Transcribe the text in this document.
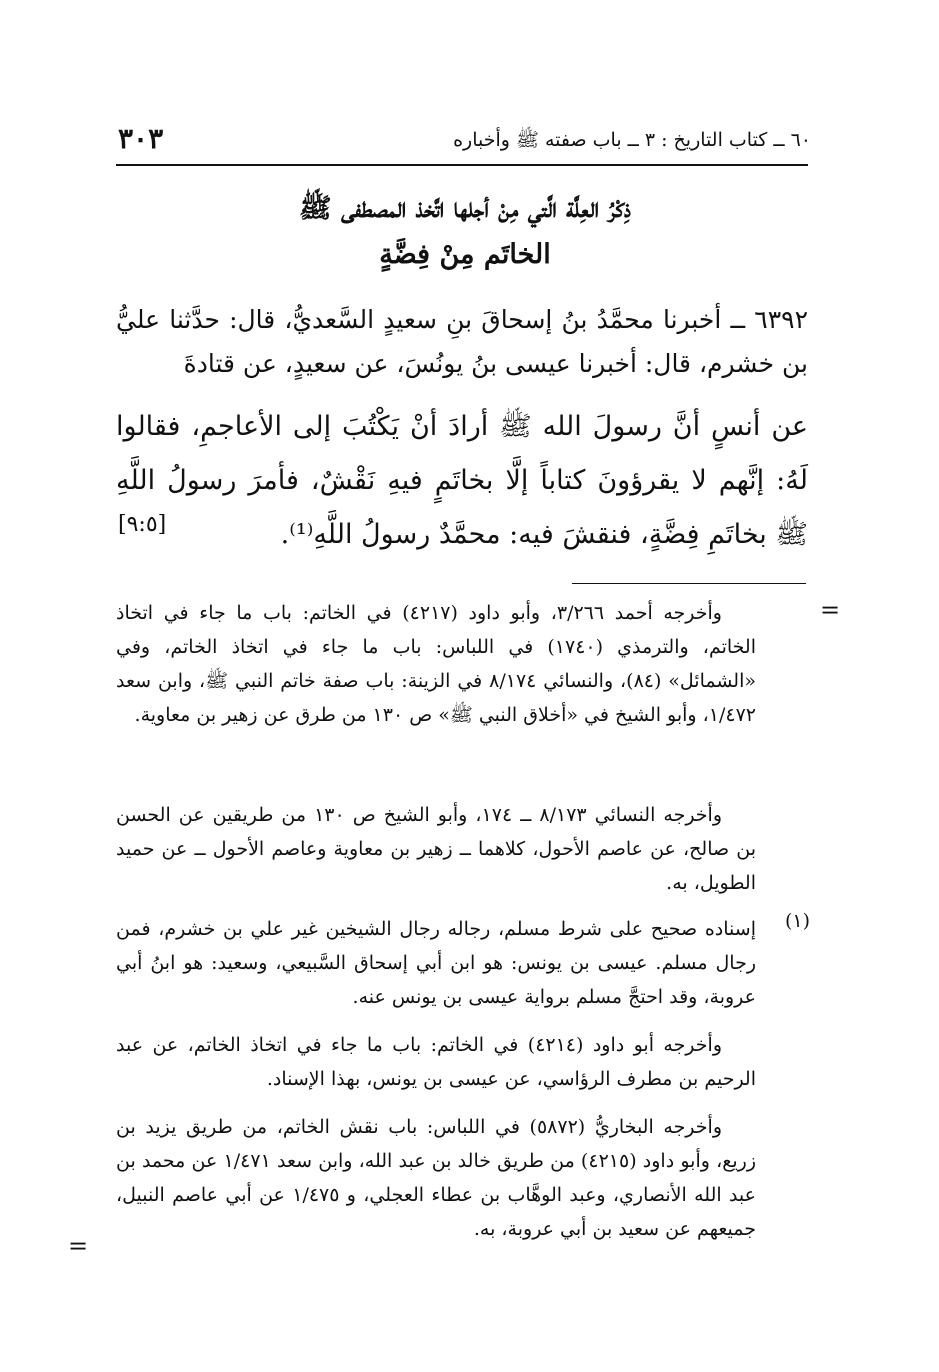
٣٠٣	٦٠ ــ كتاب التاريخ : ٣ ــ باب صفته ﷺ وأخباره
ذِكْرُ العِلَّة الَّتي مِنْ أجلها اتَّخذ المصطفى ﷺ
الخاتَم مِنْ فِضَّةٍ

٦٣٩٢ ــ أخبرنا محمَّدُ بنُ إسحاقَ بنِ سعيدٍ السَّعديُّ، قال: حدَّثنا عليُّ بن خشرم، قال: أخبرنا عيسى بنُ يونُسَ، عن سعيدٍ، عن قتادةَ

عن أنسٍ أنَّ رسولَ الله ﷺ أرادَ أنْ يَكْتُبَ إلى الأعاجمِ، فقالوا لَهُ: إنَّهم لا يقرؤونَ كتاباً إلَّا بخاتَمٍ فيهِ نَقْشٌ، فأمرَ رسولُ اللَّهِ ﷺ بخاتَمِ فِضَّةٍ، فنقشَ فيه: محمَّدٌ رسولُ اللَّهِ⁽¹⁾.

[٩:٥]
=

وأخرجه أحمد ٣/٢٦٦، وأبو داود (٤٢١٧) في الخاتم: باب ما جاء في اتخاذ الخاتم، والترمذي (١٧٤٠) في اللباس: باب ما جاء في اتخاذ الخاتم، وفي «الشمائل» (٨٤)، والنسائي ٨/١٧٤ في الزينة: باب صفة خاتم النبي ﷺ، وابن سعد ١/٤٧٢، وأبو الشيخ في «أخلاق النبي ﷺ» ص ١٣٠ من طرق عن زهير بن معاوية.

وأخرجه النسائي ٨/١٧٣ ــ ١٧٤، وأبو الشيخ ص ١٣٠ من طريقين عن الحسن بن صالح، عن عاصم الأحول، كلاهما ــ زهير بن معاوية وعاصم الأحول ــ عن حميد الطويل، به.

(١)

إسناده صحيح على شرط مسلم، رجاله رجال الشيخين غير علي بن خشرم، فمن رجال مسلم. عيسى بن يونس: هو ابن أبي إسحاق السَّبيعي، وسعيد: هو ابنُ أبي عروبة، وقد احتجَّ مسلم برواية عيسى بن يونس عنه.

وأخرجه أبو داود (٤٢١٤) في الخاتم: باب ما جاء في اتخاذ الخاتم، عن عبد الرحيم بن مطرف الرؤاسي، عن عيسى بن يونس، بهذا الإسناد.

وأخرجه البخاريُّ (٥٨٧٢) في اللباس: باب نقش الخاتم، من طريق يزيد بن زريع، وأبو داود (٤٢١٥) من طريق خالد بن عبد الله، وابن سعد ١/٤٧١ عن محمد بن عبد الله الأنصاري، وعبد الوهَّاب بن عطاء العجلي، و ١/٤٧٥ عن أبي عاصم النبيل، جميعهم عن سعيد بن أبي عروبة، به.

=
